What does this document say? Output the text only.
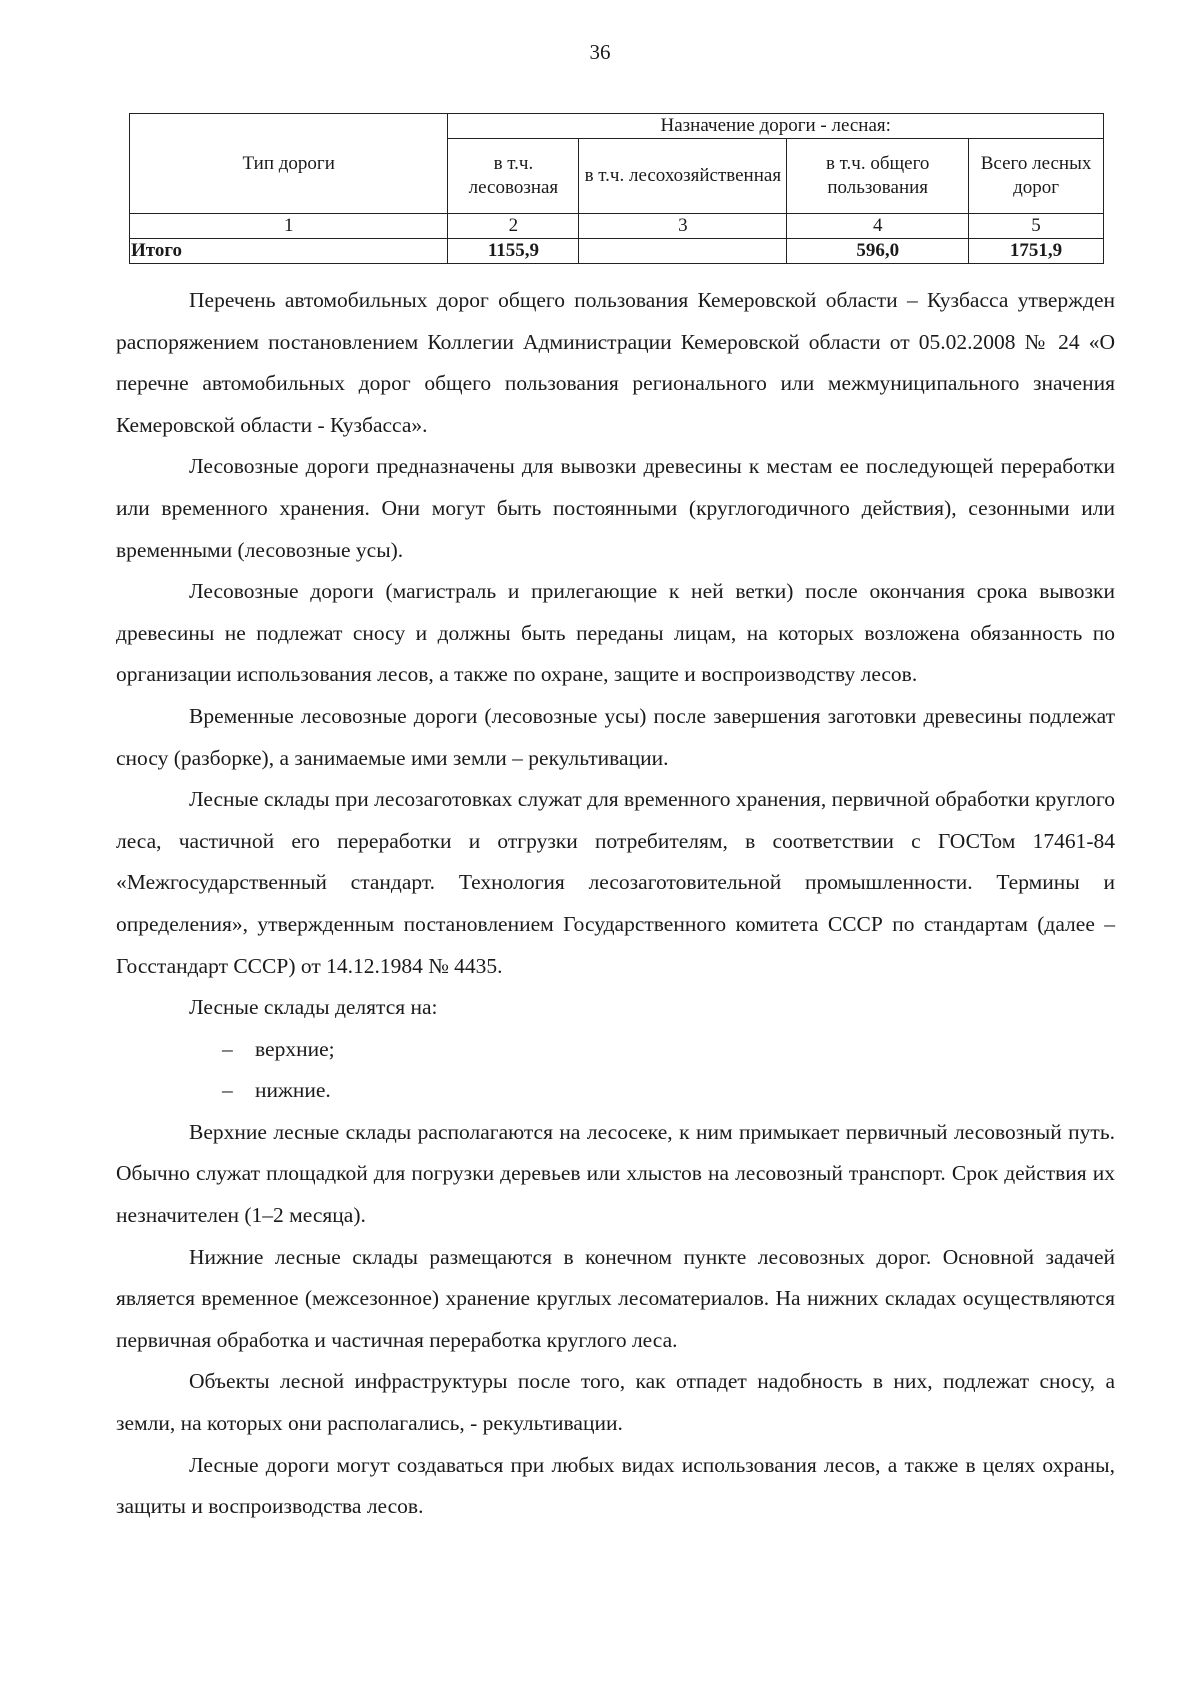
36
Тип дороги	Назначение дороги - лесная:			
	в т.ч. лесовозная	в т.ч. лесохозяйственная	в т.ч. общего пользования	Всего лесных дорог
1	2	3	4	5
Итого	1155,9		596,0	1751,9

Перечень автомобильных дорог общего пользования Кемеровской области – Кузбасса утвержден распоряжением постановлением Коллегии Администрации Кемеровской области от 05.02.2008 № 24 «О перечне автомобильных дорог общего пользования регионального или межмуниципального значения Кемеровской области - Кузбасса».

Лесовозные дороги предназначены для вывозки древесины к местам ее последующей переработки или временного хранения. Они могут быть постоянными (круглогодичного действия), сезонными или временными (лесовозные усы).

Лесовозные дороги (магистраль и прилегающие к ней ветки) после окончания срока вывозки древесины не подлежат сносу и должны быть переданы лицам, на которых возложена обязанность по организации использования лесов, а также по охране, защите и воспроизводству лесов.

Временные лесовозные дороги (лесовозные усы) после завершения заготовки древесины подлежат сносу (разборке), а занимаемые ими земли – рекультивации.

Лесные склады при лесозаготовках служат для временного хранения, первичной обработки круглого леса, частичной его переработки и отгрузки потребителям, в соответствии с ГОСТом 17461-84 «Межгосударственный стандарт. Технология лесозаготовительной промышленности. Термины и определения», утвержденным постановлением Государственного комитета СССР по стандартам (далее – Госстандарт СССР) от 14.12.1984 № 4435.

Лесные склады делятся на:

– верхние;
– нижние.

Верхние лесные склады располагаются на лесосеке, к ним примыкает первичный лесовозный путь. Обычно служат площадкой для погрузки деревьев или хлыстов на лесовозный транспорт. Срок действия их незначителен (1–2 месяца).

Нижние лесные склады размещаются в конечном пункте лесовозных дорог. Основной задачей является временное (межсезонное) хранение круглых лесоматериалов. На нижних складах осуществляются первичная обработка и частичная переработка круглого леса.

Объекты лесной инфраструктуры после того, как отпадет надобность в них, подлежат сносу, а земли, на которых они располагались, - рекультивации.

Лесные дороги могут создаваться при любых видах использования лесов, а также в целях охраны, защиты и воспроизводства лесов.
